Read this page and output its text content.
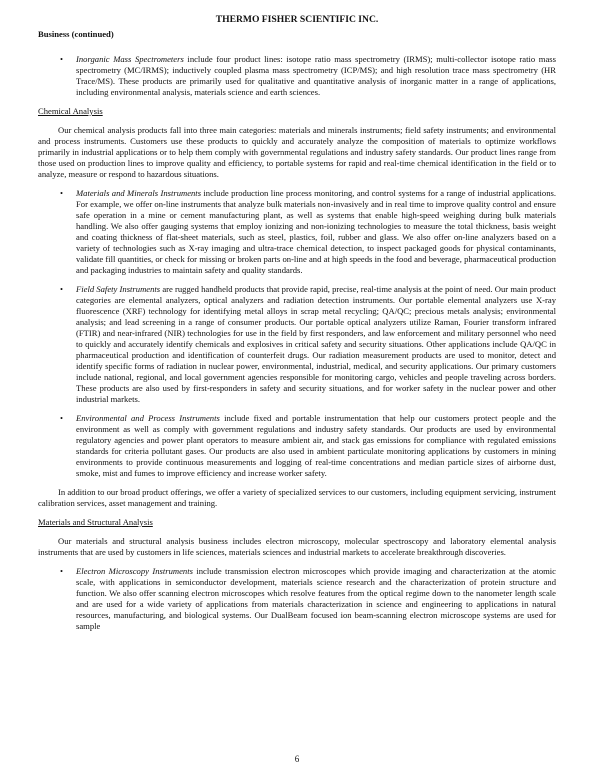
THERMO FISHER SCIENTIFIC INC.
Business (continued)
• Inorganic Mass Spectrometers include four product lines: isotope ratio mass spectrometry (IRMS); multi-collector isotope ratio mass spectrometry (MC/IRMS); inductively coupled plasma mass spectrometry (ICP/MS); and high resolution trace mass spectrometry (HR Trace/MS). These products are primarily used for qualitative and quantitative analysis of inorganic matter in a range of applications, including environmental analysis, materials science and earth sciences.
Chemical Analysis
Our chemical analysis products fall into three main categories: materials and minerals instruments; field safety instruments; and environmental and process instruments. Customers use these products to quickly and accurately analyze the composition of materials to optimize workflows primarily in industrial applications or to help them comply with governmental regulations and industry safety standards. Our product lines range from those used on production lines to improve quality and efficiency, to portable systems for rapid and real-time chemical identification in the field or to analyze, measure or respond to hazardous situations.
• Materials and Minerals Instruments include production line process monitoring, and control systems for a range of industrial applications. For example, we offer on-line instruments that analyze bulk materials non-invasively and in real time to improve quality control and ensure safe operation in a mine or cement manufacturing plant, as well as systems that enable high-speed weighing during bulk materials handling. We also offer gauging systems that employ ionizing and non-ionizing technologies to measure the total thickness, basis weight and coating thickness of flat-sheet materials, such as steel, plastics, foil, rubber and glass. We also offer on-line analyzers based on a variety of technologies such as X-ray imaging and ultra-trace chemical detection, to inspect packaged goods for physical contaminants, validate fill quantities, or check for missing or broken parts on-line and at high speeds in the food and beverage, pharmaceutical production and packaging industries to maintain safety and quality standards.
• Field Safety Instruments are rugged handheld products that provide rapid, precise, real-time analysis at the point of need. Our main product categories are elemental analyzers, optical analyzers and radiation detection instruments. Our portable elemental analyzers use X-ray fluorescence (XRF) technology for identifying metal alloys in scrap metal recycling; QA/QC; precious metals analysis; environmental analysis; and lead screening in a range of consumer products. Our portable optical analyzers utilize Raman, Fourier transform infrared (FTIR) and near-infrared (NIR) technologies for use in the field by first responders, and law enforcement and military personnel who need to quickly and accurately identify chemicals and explosives in critical safety and security situations. Other applications include QA/QC in pharmaceutical production and identification of counterfeit drugs. Our radiation measurement products are used to monitor, detect and identify specific forms of radiation in nuclear power, environmental, industrial, medical, and security applications. Our primary customers include national, regional, and local government agencies responsible for monitoring cargo, vehicles and people traveling across borders. These products are also used by first-responders in safety and security situations, and for worker safety in the nuclear power and other industrial markets.
• Environmental and Process Instruments include fixed and portable instrumentation that help our customers protect people and the environment as well as comply with government regulations and industry safety standards. Our products are used by environmental regulatory agencies and power plant operators to measure ambient air, and stack gas emissions for compliance with regulated emissions standards for criteria pollutant gases. Our products are also used in ambient particulate monitoring applications by customers in mining environments to provide continuous measurements and logging of real-time concentrations and median particle sizes of airborne dust, smoke, mist and fumes to improve efficiency and increase worker safety.
In addition to our broad product offerings, we offer a variety of specialized services to our customers, including equipment servicing, instrument calibration services, asset management and training.
Materials and Structural Analysis
Our materials and structural analysis business includes electron microscopy, molecular spectroscopy and laboratory elemental analysis instruments that are used by customers in life sciences, materials sciences and industrial markets to accelerate breakthrough discoveries.
• Electron Microscopy Instruments include transmission electron microscopes which provide imaging and characterization at the atomic scale, with applications in semiconductor development, materials science research and the characterization of protein structure and function. We also offer scanning electron microscopes which resolve features from the optical regime down to the nanometer length scale and are used for a wide variety of applications from materials characterization in science and engineering to applications in natural resources, manufacturing, and biological systems. Our DualBeam focused ion beam-scanning electron microscope systems are used for sample
6
